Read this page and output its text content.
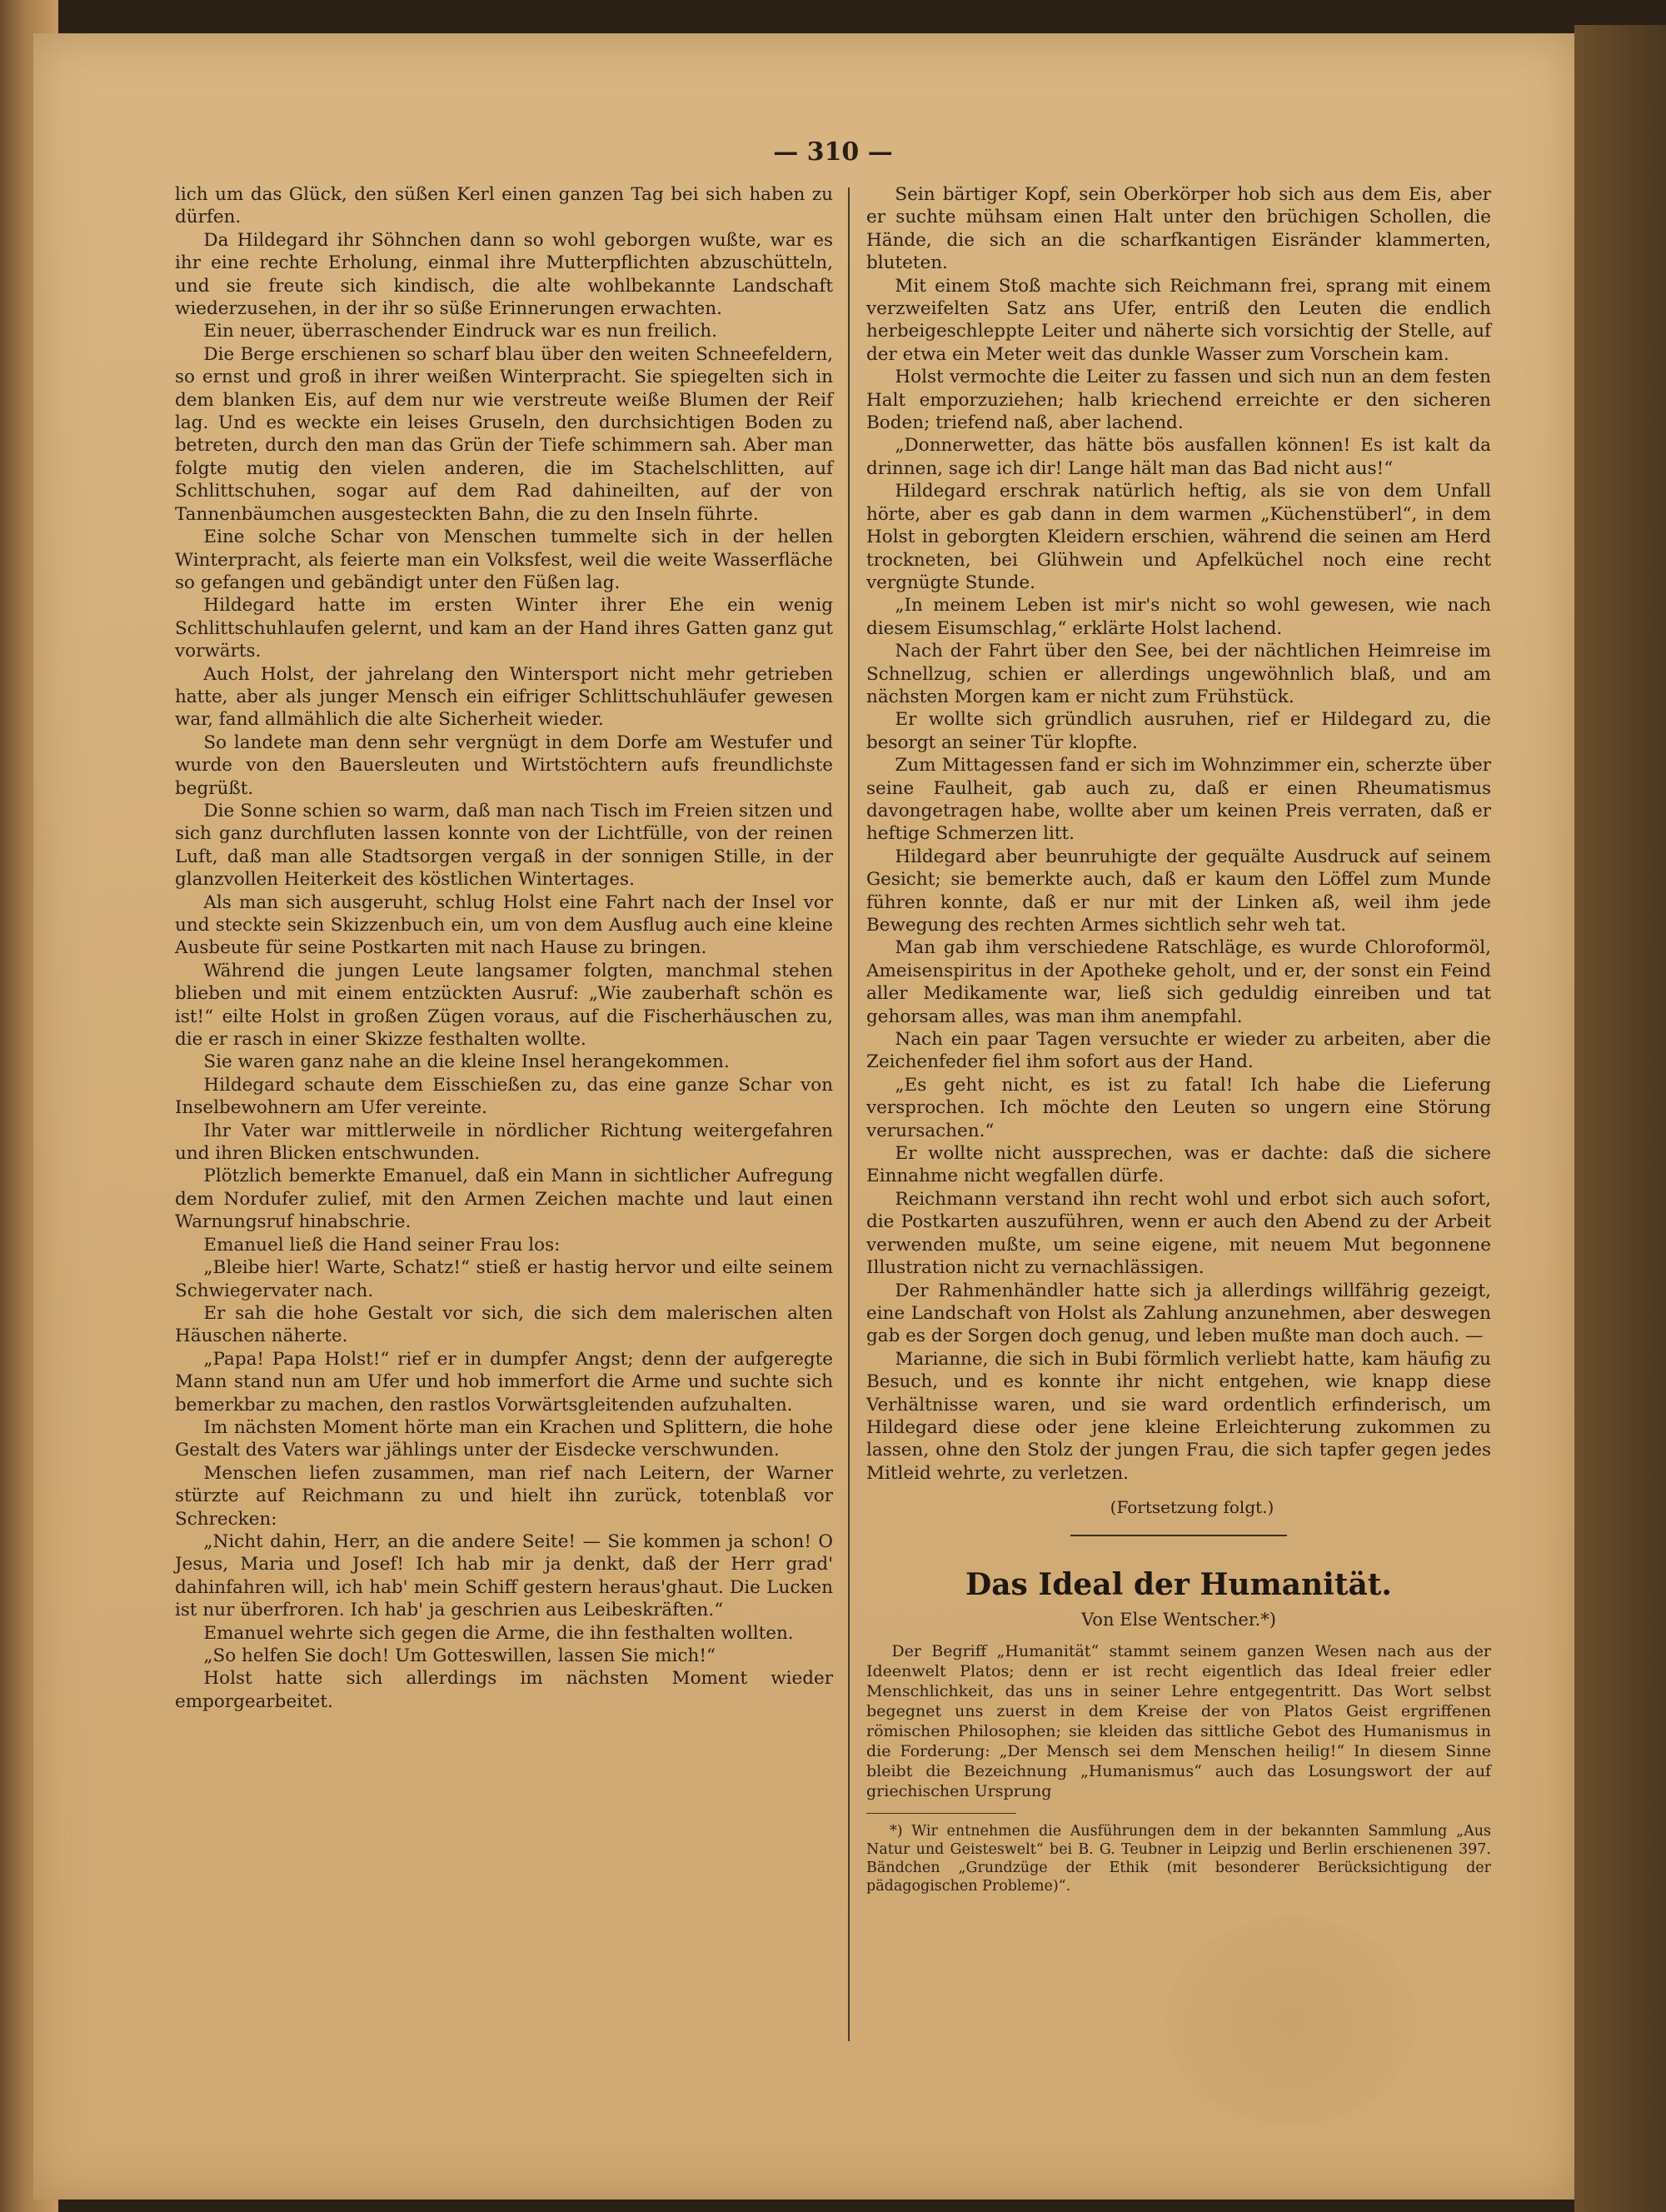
— 310 —

lich um das Glück, den süßen Kerl einen ganzen Tag bei sich haben zu dürfen.

Da Hildegard ihr Söhnchen dann so wohl geborgen wußte, war es ihr eine rechte Erholung, einmal ihre Mutterpflichten abzuschütteln, und sie freute sich kindisch, die alte wohlbekannte Landschaft wiederzusehen, in der ihr so süße Erinnerungen erwachten.

Ein neuer, überraschender Eindruck war es nun freilich.

Die Berge erschienen so scharf blau über den weiten Schneefeldern, so ernst und groß in ihrer weißen Winterpracht. Sie spiegelten sich in dem blanken Eis, auf dem nur wie verstreute weiße Blumen der Reif lag. Und es weckte ein leises Gruseln, den durchsichtigen Boden zu betreten, durch den man das Grün der Tiefe schimmern sah. Aber man folgte mutig den vielen anderen, die im Stachelschlitten, auf Schlittschuhen, sogar auf dem Rad dahineilten, auf der von Tannenbäumchen ausgesteckten Bahn, die zu den Inseln führte.

Eine solche Schar von Menschen tummelte sich in der hellen Winterpracht, als feierte man ein Volksfest, weil die weite Wasserfläche so gefangen und gebändigt unter den Füßen lag.

Hildegard hatte im ersten Winter ihrer Ehe ein wenig Schlittschuhlaufen gelernt, und kam an der Hand ihres Gatten ganz gut vorwärts.

Auch Holst, der jahrelang den Wintersport nicht mehr getrieben hatte, aber als junger Mensch ein eifriger Schlittschuhläufer gewesen war, fand allmählich die alte Sicherheit wieder.

So landete man denn sehr vergnügt in dem Dorfe am Westufer und wurde von den Bauersleuten und Wirtstöchtern aufs freundlichste begrüßt.

Die Sonne schien so warm, daß man nach Tisch im Freien sitzen und sich ganz durchfluten lassen konnte von der Lichtfülle, von der reinen Luft, daß man alle Stadtsorgen vergaß in der sonnigen Stille, in der glanzvollen Heiterkeit des köstlichen Wintertages.

Als man sich ausgeruht, schlug Holst eine Fahrt nach der Insel vor und steckte sein Skizzenbuch ein, um von dem Ausflug auch eine kleine Ausbeute für seine Postkarten mit nach Hause zu bringen.

Während die jungen Leute langsamer folgten, manchmal stehen blieben und mit einem entzückten Ausruf: „Wie zauberhaft schön es ist!“ eilte Holst in großen Zügen voraus, auf die Fischerhäuschen zu, die er rasch in einer Skizze festhalten wollte.

Sie waren ganz nahe an die kleine Insel herangekommen.

Hildegard schaute dem Eisschießen zu, das eine ganze Schar von Inselbewohnern am Ufer vereinte.

Ihr Vater war mittlerweile in nördlicher Richtung weitergefahren und ihren Blicken entschwunden.

Plötzlich bemerkte Emanuel, daß ein Mann in sichtlicher Aufregung dem Nordufer zulief, mit den Armen Zeichen machte und laut einen Warnungsruf hinabschrie.

Emanuel ließ die Hand seiner Frau los:

„Bleibe hier! Warte, Schatz!“ stieß er hastig hervor und eilte seinem Schwiegervater nach.

Er sah die hohe Gestalt vor sich, die sich dem malerischen alten Häuschen näherte.

„Papa! Papa Holst!“ rief er in dumpfer Angst; denn der aufgeregte Mann stand nun am Ufer und hob immerfort die Arme und suchte sich bemerkbar zu machen, den rastlos Vorwärtsgleitenden aufzuhalten.

Im nächsten Moment hörte man ein Krachen und Splittern, die hohe Gestalt des Vaters war jählings unter der Eisdecke verschwunden.

Menschen liefen zusammen, man rief nach Leitern, der Warner stürzte auf Reichmann zu und hielt ihn zurück, totenblaß vor Schrecken:

„Nicht dahin, Herr, an die andere Seite! — Sie kommen ja schon! O Jesus, Maria und Josef! Ich hab mir ja denkt, daß der Herr grad' dahinfahren will, ich hab' mein Schiff gestern heraus'ghaut. Die Lucken ist nur überfroren. Ich hab' ja geschrien aus Leibeskräften.“

Emanuel wehrte sich gegen die Arme, die ihn festhalten wollten.

„So helfen Sie doch! Um Gotteswillen, lassen Sie mich!“

Holst hatte sich allerdings im nächsten Moment wieder emporgearbeitet.

Sein bärtiger Kopf, sein Oberkörper hob sich aus dem Eis, aber er suchte mühsam einen Halt unter den brüchigen Schollen, die Hände, die sich an die scharfkantigen Eisränder klammerten, bluteten.

Mit einem Stoß machte sich Reichmann frei, sprang mit einem verzweifelten Satz ans Ufer, entriß den Leuten die endlich herbeigeschleppte Leiter und näherte sich vorsichtig der Stelle, auf der etwa ein Meter weit das dunkle Wasser zum Vorschein kam.

Holst vermochte die Leiter zu fassen und sich nun an dem festen Halt emporzuziehen; halb kriechend erreichte er den sicheren Boden; triefend naß, aber lachend.

„Donnerwetter, das hätte bös ausfallen können! Es ist kalt da drinnen, sage ich dir! Lange hält man das Bad nicht aus!“

Hildegard erschrak natürlich heftig, als sie von dem Unfall hörte, aber es gab dann in dem warmen „Küchenstüberl“, in dem Holst in geborgten Kleidern erschien, während die seinen am Herd trockneten, bei Glühwein und Apfelküchel noch eine recht vergnügte Stunde.

„In meinem Leben ist mir's nicht so wohl gewesen, wie nach diesem Eisumschlag,“ erklärte Holst lachend.

Nach der Fahrt über den See, bei der nächtlichen Heimreise im Schnellzug, schien er allerdings ungewöhnlich blaß, und am nächsten Morgen kam er nicht zum Frühstück.

Er wollte sich gründlich ausruhen, rief er Hildegard zu, die besorgt an seiner Tür klopfte.

Zum Mittagessen fand er sich im Wohnzimmer ein, scherzte über seine Faulheit, gab auch zu, daß er einen Rheumatismus davongetragen habe, wollte aber um keinen Preis verraten, daß er heftige Schmerzen litt.

Hildegard aber beunruhigte der gequälte Ausdruck auf seinem Gesicht; sie bemerkte auch, daß er kaum den Löffel zum Munde führen konnte, daß er nur mit der Linken aß, weil ihm jede Bewegung des rechten Armes sichtlich sehr weh tat.

Man gab ihm verschiedene Ratschläge, es wurde Chloroformöl, Ameisenspiritus in der Apotheke geholt, und er, der sonst ein Feind aller Medikamente war, ließ sich geduldig einreiben und tat gehorsam alles, was man ihm anempfahl.

Nach ein paar Tagen versuchte er wieder zu arbeiten, aber die Zeichenfeder fiel ihm sofort aus der Hand.

„Es geht nicht, es ist zu fatal! Ich habe die Lieferung versprochen. Ich möchte den Leuten so ungern eine Störung verursachen.“

Er wollte nicht aussprechen, was er dachte: daß die sichere Einnahme nicht wegfallen dürfe.

Reichmann verstand ihn recht wohl und erbot sich auch sofort, die Postkarten auszuführen, wenn er auch den Abend zu der Arbeit verwenden mußte, um seine eigene, mit neuem Mut begonnene Illustration nicht zu vernachlässigen.

Der Rahmenhändler hatte sich ja allerdings willfährig gezeigt, eine Landschaft von Holst als Zahlung anzunehmen, aber deswegen gab es der Sorgen doch genug, und leben mußte man doch auch. —

Marianne, die sich in Bubi förmlich verliebt hatte, kam häufig zu Besuch, und es konnte ihr nicht entgehen, wie knapp diese Verhältnisse waren, und sie ward ordentlich erfinderisch, um Hildegard diese oder jene kleine Erleichterung zukommen zu lassen, ohne den Stolz der jungen Frau, die sich tapfer gegen jedes Mitleid wehrte, zu verletzen.

(Fortsetzung folgt.)

Das Ideal der Humanität.
Von Else Wentscher.*)

Der Begriff „Humanität“ stammt seinem ganzen Wesen nach aus der Ideenwelt Platos; denn er ist recht eigentlich das Ideal freier edler Menschlichkeit, das uns in seiner Lehre entgegentritt. Das Wort selbst begegnet uns zuerst in dem Kreise der von Platos Geist ergriffenen römischen Philosophen; sie kleiden das sittliche Gebot des Humanismus in die Forderung: „Der Mensch sei dem Menschen heilig!“ In diesem Sinne bleibt die Bezeichnung „Humanismus“ auch das Losungswort der auf griechischen Ursprung

*) Wir entnehmen die Ausführungen dem in der bekannten Sammlung „Aus Natur und Geisteswelt“ bei B. G. Teubner in Leipzig und Berlin erschienenen 397. Bändchen „Grundzüge der Ethik (mit besonderer Berücksichtigung der pädagogischen Probleme)“.
